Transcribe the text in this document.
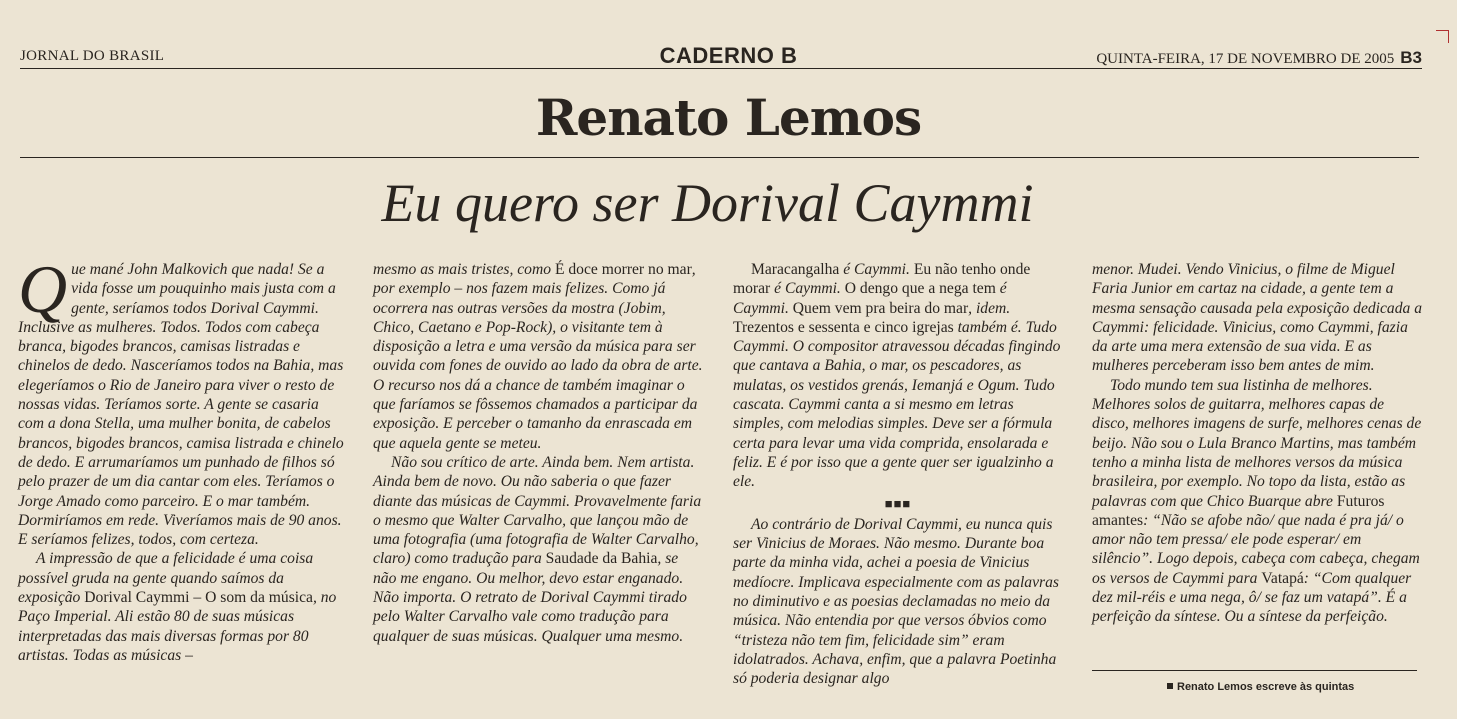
JORNAL DO BRASIL	CADERNO B	QUINTA-FEIRA, 17 DE NOVEMBRO DE 2005 B3
Renato Lemos
Eu quero ser Dorival Caymmi

Que mané John Malkovich que nada! Se a vida fosse um pouquinho mais justa com a gente, seríamos todos Dorival Caymmi. Inclusive as mulheres. Todos. Todos com cabeça branca, bigodes brancos, camisas listradas e chinelos de dedo. Nasceríamos todos na Bahia, mas elegeríamos o Rio de Janeiro para viver o resto de nossas vidas. Teríamos sorte. A gente se casaria com a dona Stella, uma mulher bonita, de cabelos brancos, bigodes brancos, camisa listrada e chinelo de dedo. E arrumaríamos um punhado de filhos só pelo prazer de um dia cantar com eles. Teríamos o Jorge Amado como parceiro. E o mar também. Dormiríamos em rede. Viveríamos mais de 90 anos. E seríamos felizes, todos, com certeza.

A impressão de que a felicidade é uma coisa possível gruda na gente quando saímos da exposição Dorival Caymmi – O som da música, no Paço Imperial. Ali estão 80 de suas músicas interpretadas das mais diversas formas por 80 artistas. Todas as músicas –

mesmo as mais tristes, como É doce morrer no mar, por exemplo – nos fazem mais felizes. Como já ocorrera nas outras versões da mostra (Jobim, Chico, Caetano e Pop-Rock), o visitante tem à disposição a letra e uma versão da música para ser ouvida com fones de ouvido ao lado da obra de arte. O recurso nos dá a chance de também imaginar o que faríamos se fôssemos chamados a participar da exposição. E perceber o tamanho da enrascada em que aquela gente se meteu.

Não sou crítico de arte. Ainda bem. Nem artista. Ainda bem de novo. Ou não saberia o que fazer diante das músicas de Caymmi. Provavelmente faria o mesmo que Walter Carvalho, que lançou mão de uma fotografia (uma fotografia de Walter Carvalho, claro) como tradução para Saudade da Bahia, se não me engano. Ou melhor, devo estar enganado. Não importa. O retrato de Dorival Caymmi tirado pelo Walter Carvalho vale como tradução para qualquer de suas músicas. Qualquer uma mesmo.

Maracangalha é Caymmi. Eu não tenho onde morar é Caymmi. O dengo que a nega tem é Caymmi. Quem vem pra beira do mar, idem. Trezentos e sessenta e cinco igrejas também é. Tudo Caymmi. O compositor atravessou décadas fingindo que cantava a Bahia, o mar, os pescadores, as mulatas, os vestidos grenás, Iemanjá e Ogum. Tudo cascata. Caymmi canta a si mesmo em letras simples, com melodias simples. Deve ser a fórmula certa para levar uma vida comprida, ensolarada e feliz. E é por isso que a gente quer ser igualzinho a ele.

■■■

Ao contrário de Dorival Caymmi, eu nunca quis ser Vinicius de Moraes. Não mesmo. Durante boa parte da minha vida, achei a poesia de Vinicius medíocre. Implicava especialmente com as palavras no diminutivo e as poesias declamadas no meio da música. Não entendia por que versos óbvios como “tristeza não tem fim, felicidade sim” eram idolatrados. Achava, enfim, que a palavra Poetinha só poderia designar algo

menor. Mudei. Vendo Vinicius, o filme de Miguel Faria Junior em cartaz na cidade, a gente tem a mesma sensação causada pela exposição dedicada a Caymmi: felicidade. Vinicius, como Caymmi, fazia da arte uma mera extensão de sua vida. E as mulheres perceberam isso bem antes de mim.

Todo mundo tem sua listinha de melhores. Melhores solos de guitarra, melhores capas de disco, melhores imagens de surfe, melhores cenas de beijo. Não sou o Lula Branco Martins, mas também tenho a minha lista de melhores versos da música brasileira, por exemplo. No topo da lista, estão as palavras com que Chico Buarque abre Futuros amantes: “Não se afobe não/ que nada é pra já/ o amor não tem pressa/ ele pode esperar/ em silêncio”. Logo depois, cabeça com cabeça, chegam os versos de Caymmi para Vatapá: “Com qualquer dez mil-réis e uma nega, ô/ se faz um vatapá”. É a perfeição da síntese. Ou a síntese da perfeição.

Renato Lemos escreve às quintas
